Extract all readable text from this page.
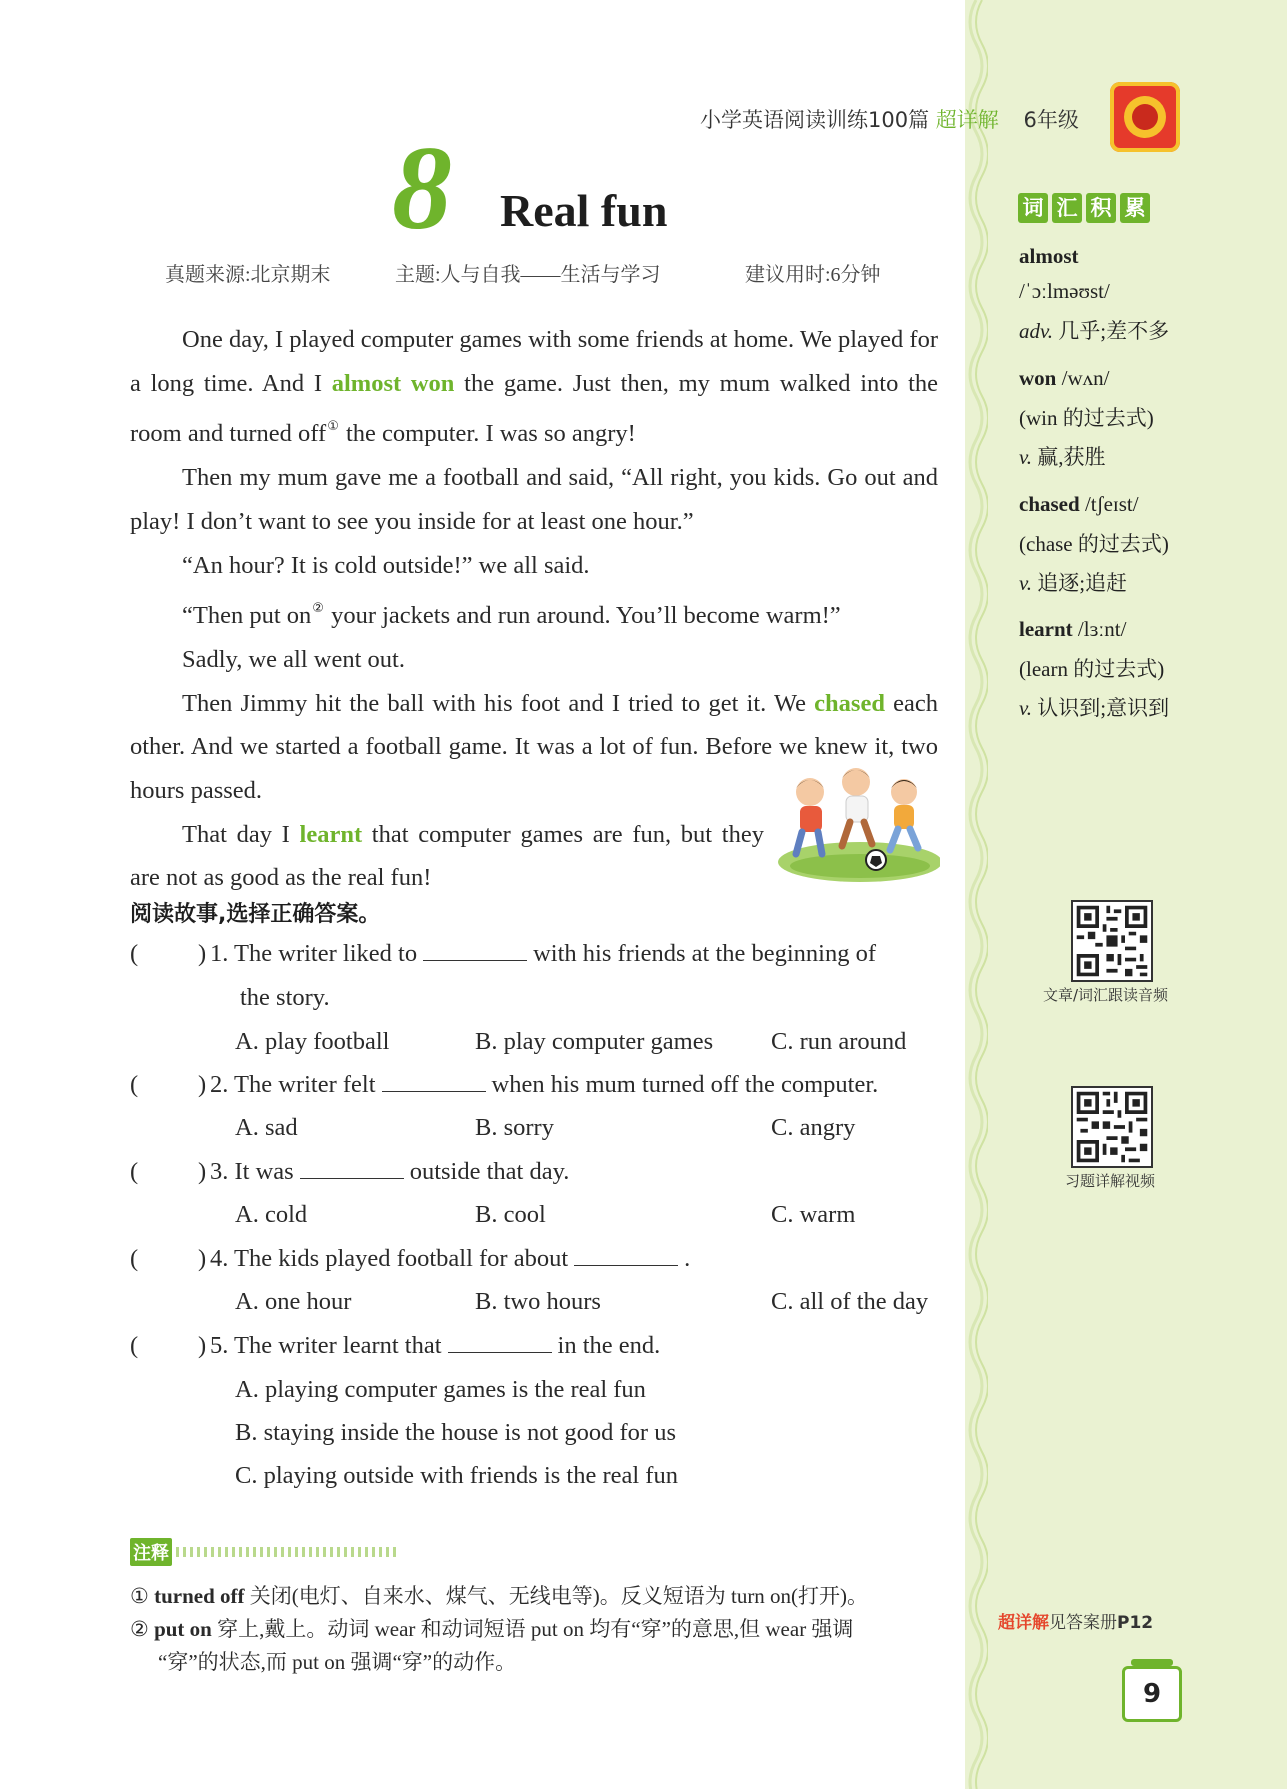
小学英语阅读训练100篇 超详解 6年级
8 Real fun
真题来源:北京期末	主题:人与自我——生活与学习	建议用时:6分钟

One day, I played computer games with some friends at home. We played for a long time. And I almost won the game. Just then, my mum walked into the room and turned off① the computer. I was so angry!

Then my mum gave me a football and said, “All right, you kids. Go out and play! I don’t want to see you inside for at least one hour.”

“An hour? It is cold outside!” we all said.

“Then put on② your jackets and run around. You’ll become warm!”

Sadly, we all went out.

Then Jimmy hit the ball with his foot and I tried to get it. We chased each other. And we started a football game. It was a lot of fun. Before we knew it, two hours passed.

That day I learnt that computer games are fun, but they are not as good as the real fun!

阅读故事,选择正确答案。
( ) 1. The writer liked to	with his friends at the beginning of
the story.
A. play football	B. play computer games C. run around
( ) 2. The writer felt	when his mum turned off the computer.
A. sad	B. sorry	C. angry
( ) 3. It was	outside that day.
A. cold	B. cool	C. warm
( ) 4. The kids played football for about	.
A. one hour	B. two hours	C. all of the day
( ) 5. The writer learnt that	in the end.
A. playing computer games is the real fun
B. staying inside the house is not good for us
C. playing outside with friends is the real fun
注释
① turned off 关闭(电灯、自来水、煤气、无线电等)。反义短语为 turn on(打开)。
② put on 穿上,戴上。动词 wear 和动词短语 put on 均有“穿”的意思,但 wear 强调
“穿”的状态,而 put on 强调“穿”的动作。
词 汇 积 累
almost
/ˈɔːlməʊst/
adv. 几乎;差不多
won /wʌn/
(win 的过去式)
v. 赢,获胜
chased /tʃeɪst/
(chase 的过去式)
v. 追逐;追赶
learnt /lɜːnt/
(learn 的过去式)
v. 认识到;意识到
文章/词汇跟读音频
习题详解视频
超详解见答案册P12
9
